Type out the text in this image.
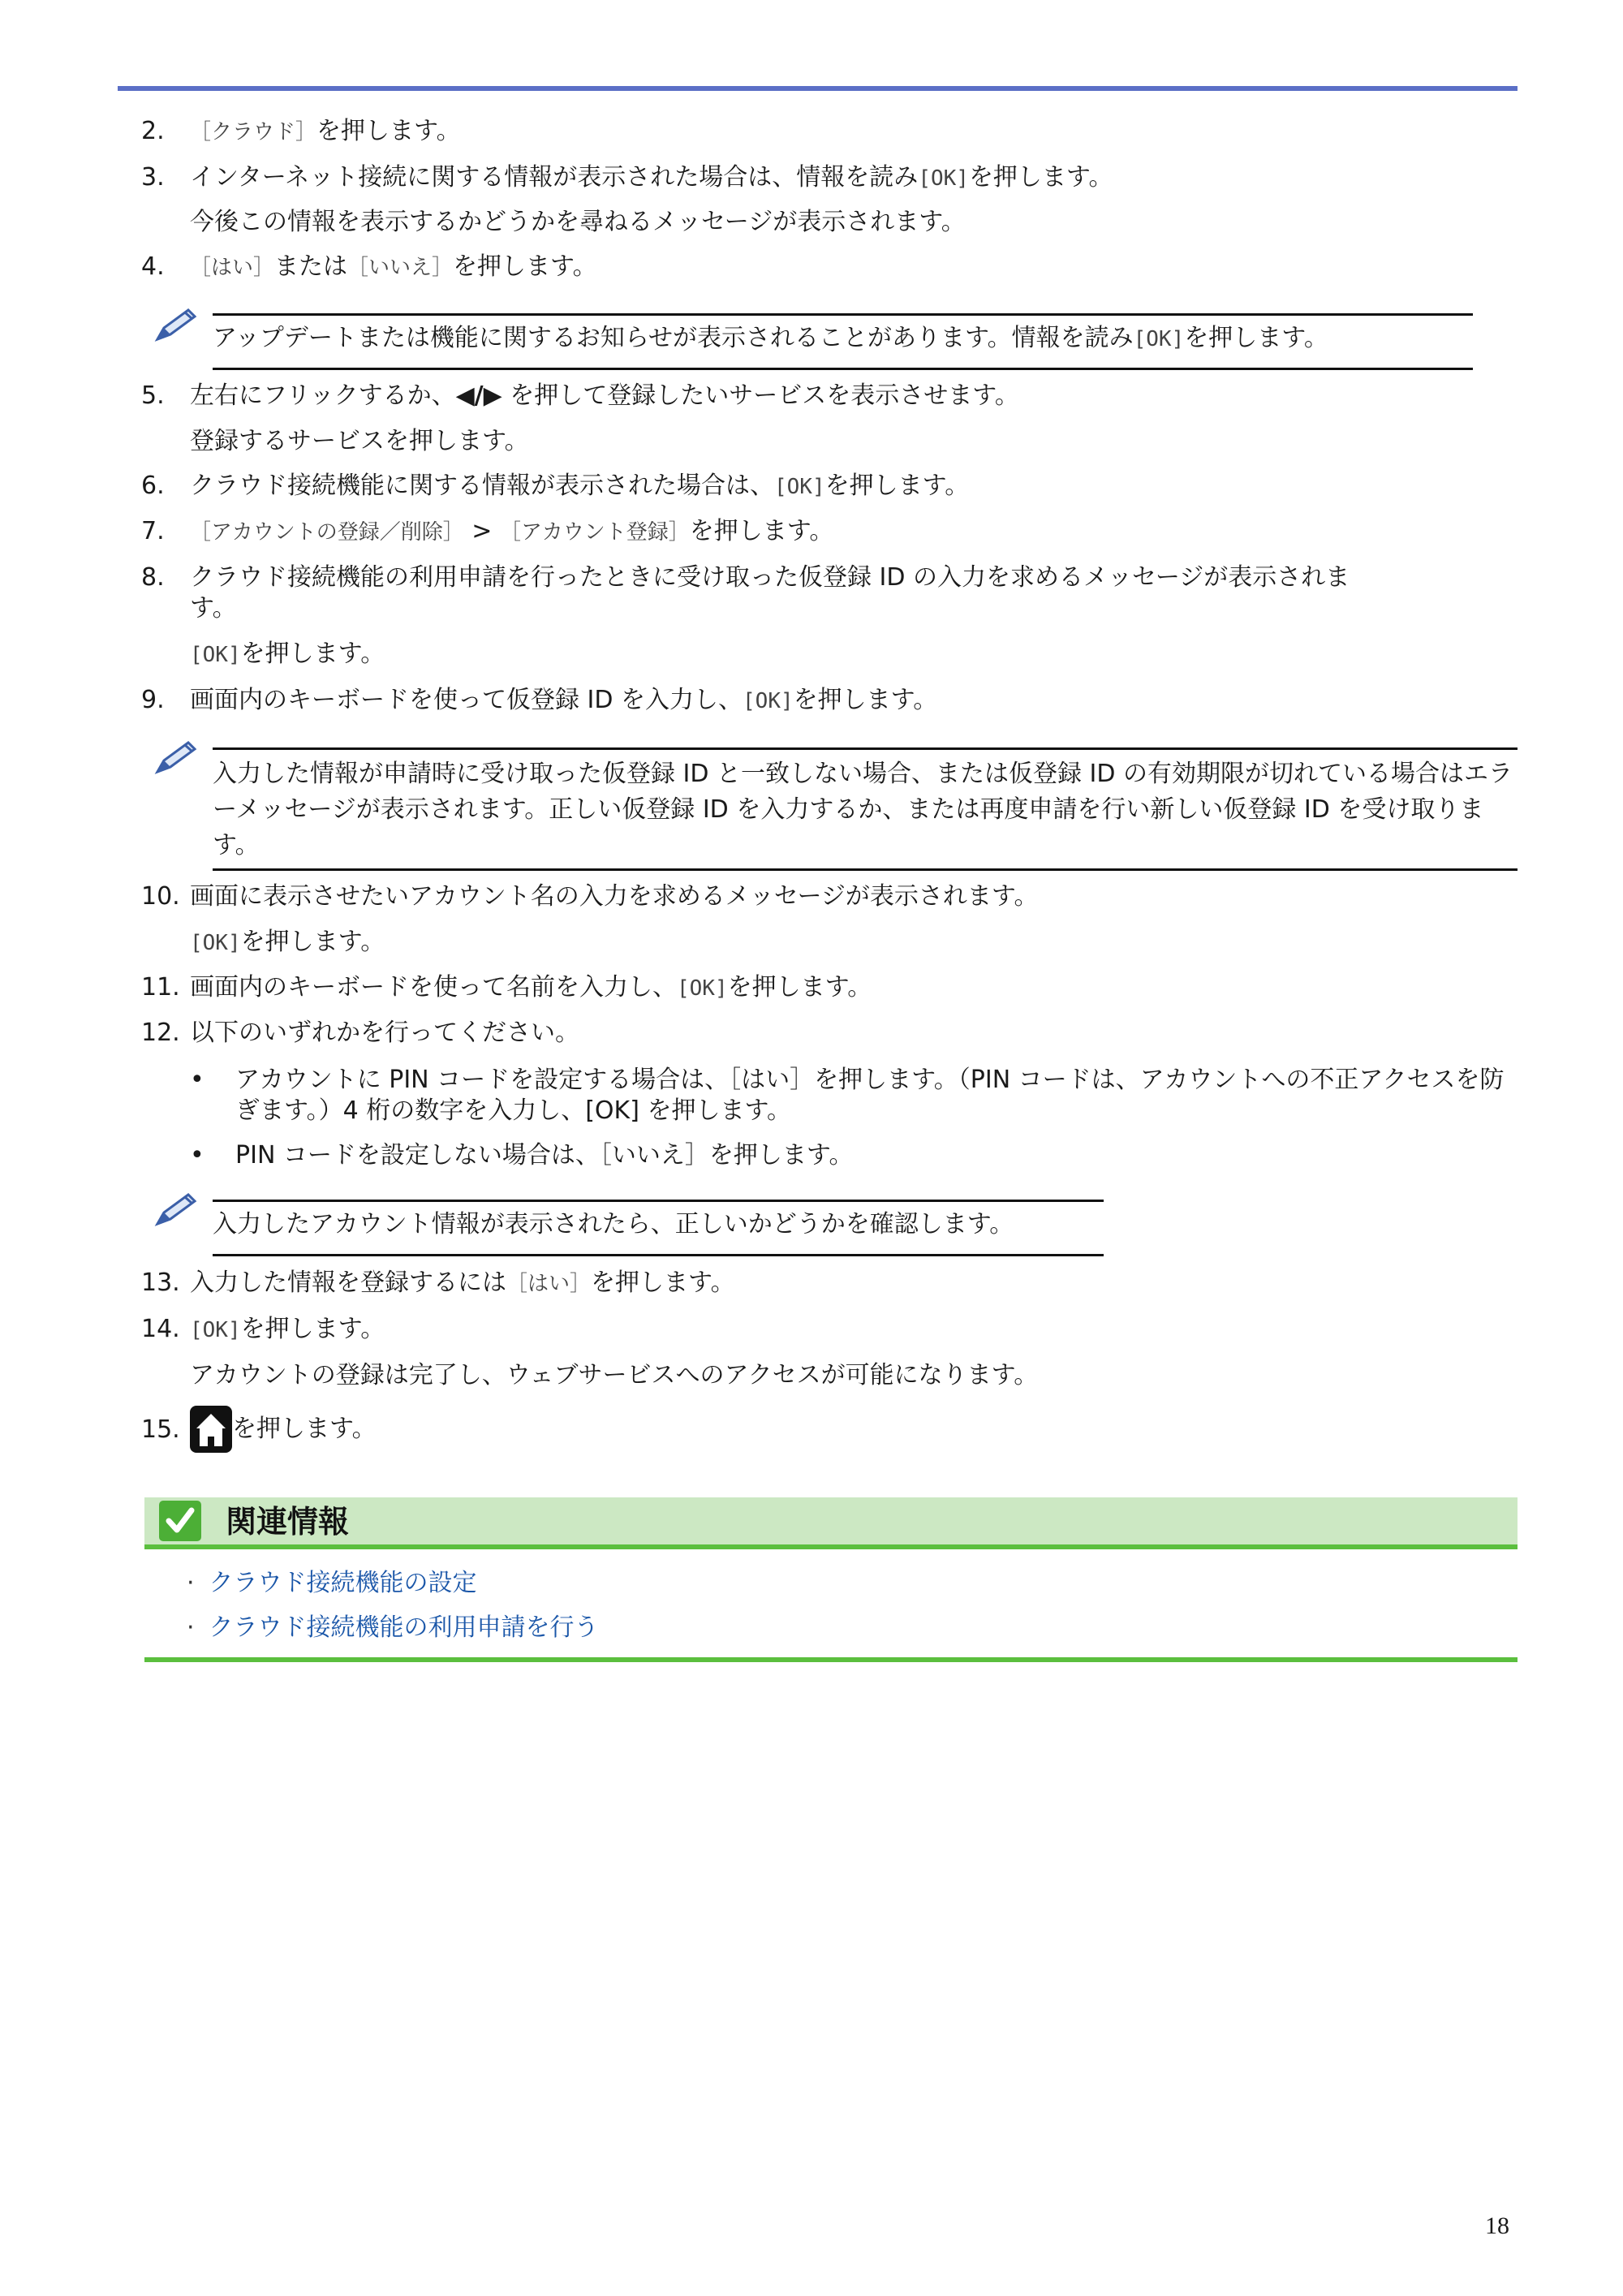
2. ［クラウド］を押します。
3. インターネット接続に関する情報が表示された場合は、情報を読み[OK]を押します。
今後この情報を表示するかどうかを尋ねるメッセージが表示されます。
4. ［はい］または［いいえ］を押します。
アップデートまたは機能に関するお知らせが表示されることがあります。情報を読み[OK]を押します。
5. 左右にフリックするか、◀/▶ を押して登録したいサービスを表示させます。
登録するサービスを押します。
6. クラウド接続機能に関する情報が表示された場合は、[OK]を押します。
7. ［アカウントの登録／削除］ > ［アカウント登録］を押します。
8. クラウド接続機能の利用申請を行ったときに受け取った仮登録 ID の入力を求めるメッセージが表示されま
す。
[OK]を押します。
9. 画面内のキーボードを使って仮登録 ID を入力し、[OK]を押します。
入力した情報が申請時に受け取った仮登録 ID と一致しない場合、または仮登録 ID の有効期限が切れている場合はエラーメッセージが表示されます。正しい仮登録 ID を入力するか、または再度申請を行い新しい仮登録 ID を受け取ります。
10. 画面に表示させたいアカウント名の入力を求めるメッセージが表示されます。
[OK]を押します。
11. 画面内のキーボードを使って名前を入力し、[OK]を押します。
12. 以下のいずれかを行ってください。
• アカウントに PIN コードを設定する場合は、［はい］を押します。（PIN コードは、アカウントへの不正アクセスを防ぎます。）4 桁の数字を入力し、[OK] を押します。
• PIN コードを設定しない場合は、［いいえ］を押します。
入力したアカウント情報が表示されたら、正しいかどうかを確認します。
13. 入力した情報を登録するには［はい］を押します。
14. [OK]を押します。
アカウントの登録は完了し、ウェブサービスへのアクセスが可能になります。
15.	を押します。
関連情報
· クラウド接続機能の設定
· クラウド接続機能の利用申請を行う
18
